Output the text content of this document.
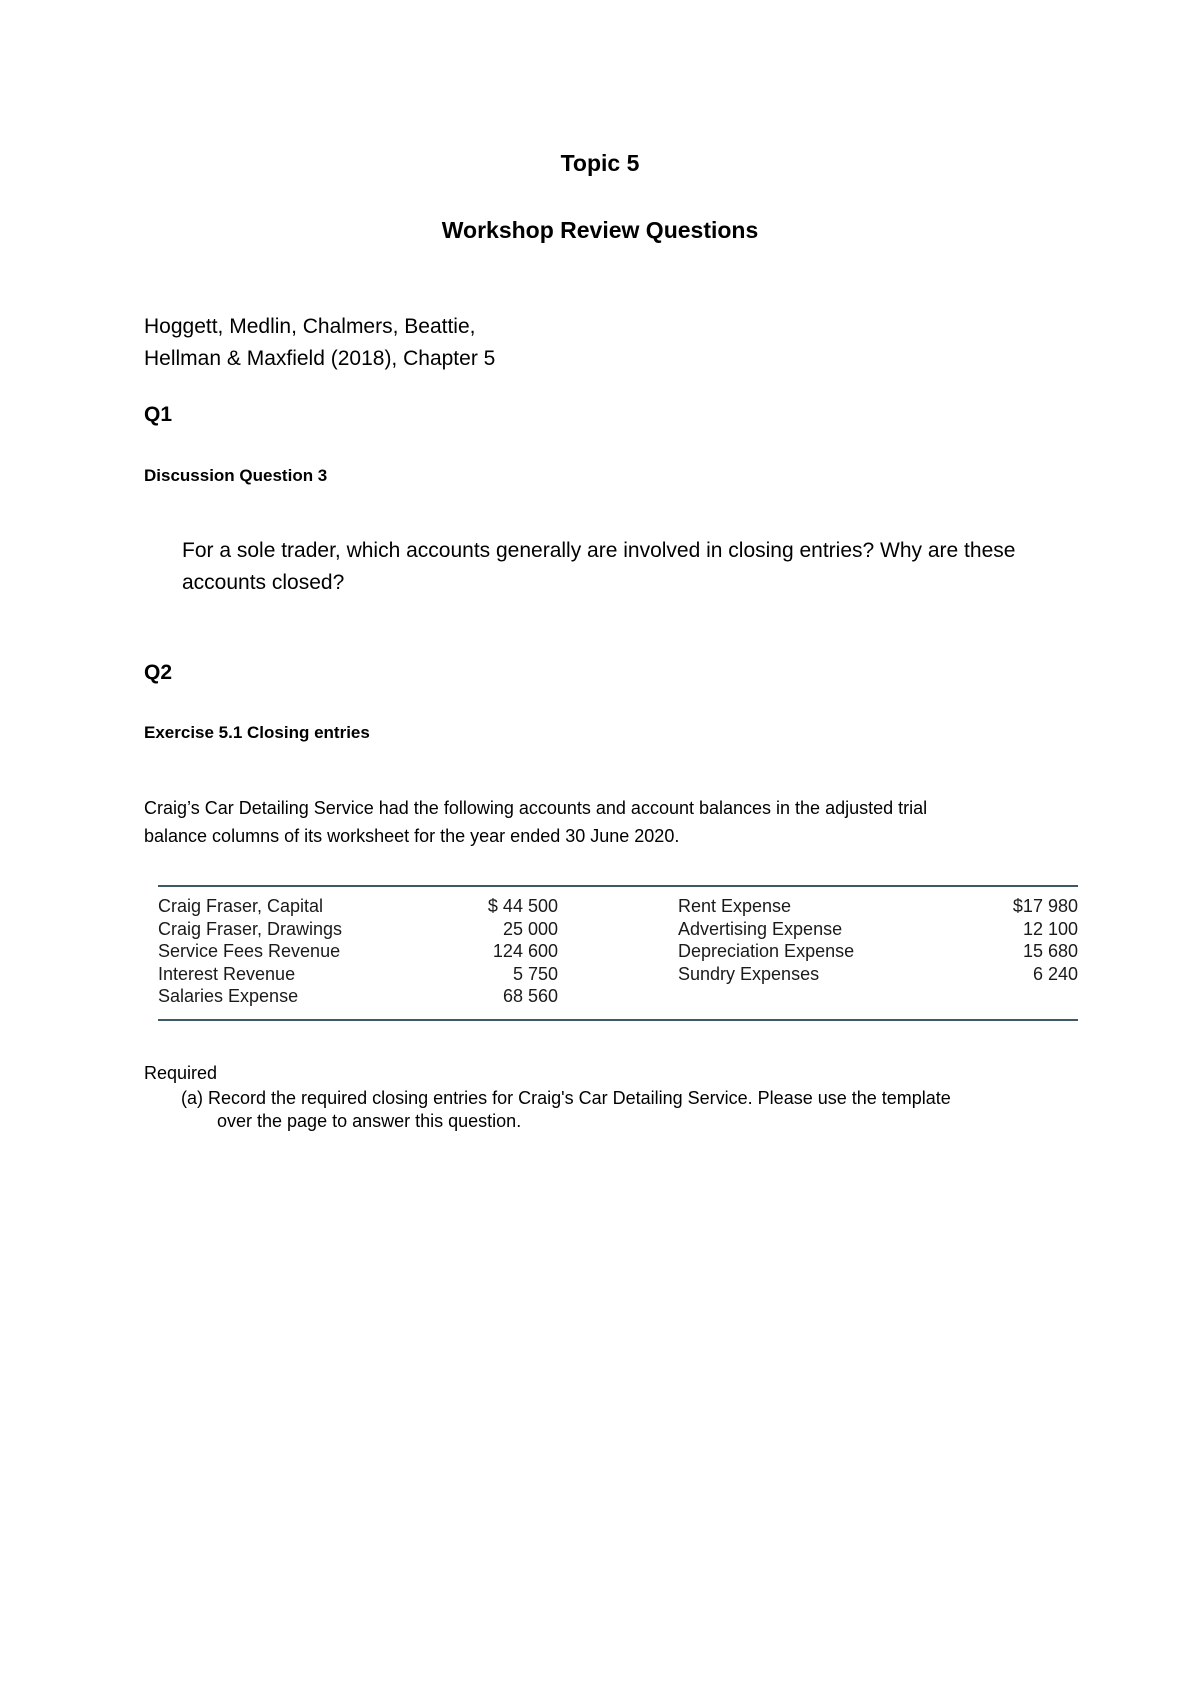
Topic 5
Workshop Review Questions
Hoggett, Medlin, Chalmers, Beattie,
Hellman & Maxfield (2018), Chapter 5
Q1
Discussion Question 3
For a sole trader, which accounts generally are involved in closing entries? Why are these
accounts closed?
Q2
Exercise 5.1 Closing entries
Craig’s Car Detailing Service had the following accounts and account balances in the adjusted trial
balance columns of its worksheet for the year ended 30 June 2020.
Craig Fraser, Capital	$ 44 500	Rent Expense	$17 980
Craig Fraser, Drawings	25 000	Advertising Expense	12 100
Service Fees Revenue	124 600	Depreciation Expense	15 680
Interest Revenue	5 750	Sundry Expenses	6 240
Salaries Expense	68 560
Required
(a) Record the required closing entries for Craig's Car Detailing Service. Please use the template
over the page to answer this question.
